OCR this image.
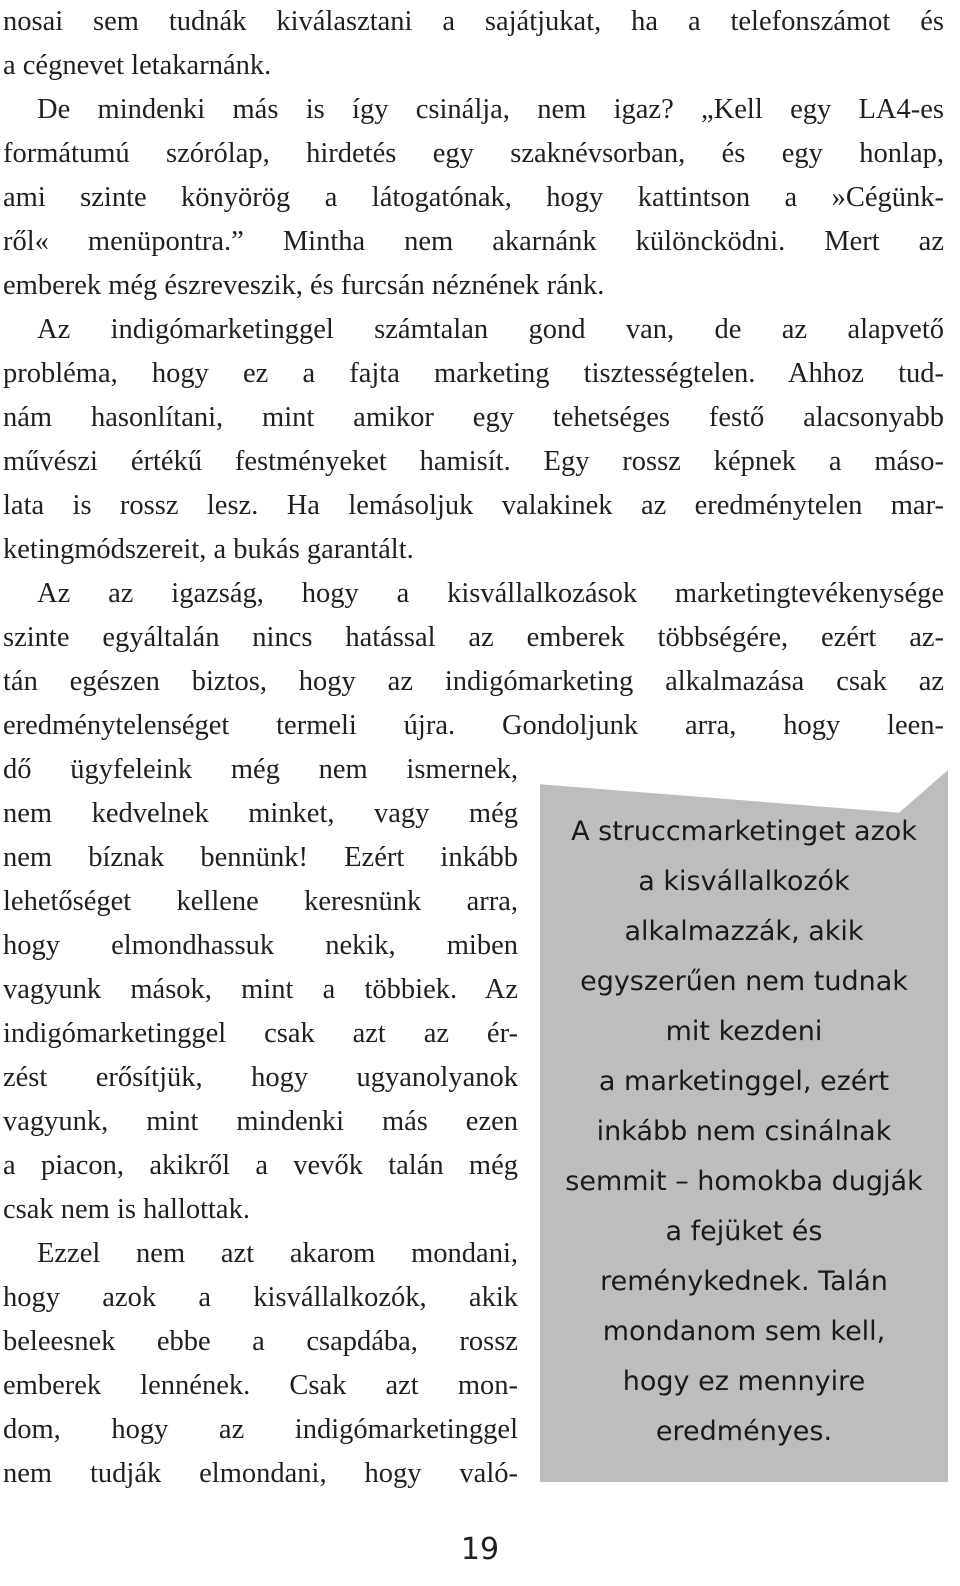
nosai sem tudnák kiválasztani a sajátjukat, ha a telefonszámot és
a cégnevet letakarnánk.
De mindenki más is így csinálja, nem igaz? „Kell egy LA4-es
formátumú szórólap, hirdetés egy szaknévsorban, és egy honlap,
ami szinte könyörög a látogatónak, hogy kattintson a »Cégünk-
ről« menüpontra.” Mintha nem akarnánk különcködni. Mert az
emberek még észreveszik, és furcsán néznének ránk.
Az indigómarketinggel számtalan gond van, de az alapvető
probléma, hogy ez a fajta marketing tisztességtelen. Ahhoz tud-
nám hasonlítani, mint amikor egy tehetséges festő alacsonyabb
művészi értékű festményeket hamisít. Egy rossz képnek a máso-
lata is rossz lesz. Ha lemásoljuk valakinek az eredménytelen mar-
ketingmódszereit, a bukás garantált.
Az az igazság, hogy a kisvállalkozások marketingtevékenysége
szinte egyáltalán nincs hatással az emberek többségére, ezért az-
tán egészen biztos, hogy az indigómarketing alkalmazása csak az
eredménytelenséget termeli újra. Gondoljunk arra, hogy leen-
dő ügyfeleink még nem ismernek,
nem kedvelnek minket, vagy még
nem bíznak bennünk! Ezért inkább
lehetőséget kellene keresnünk arra,
hogy elmondhassuk nekik, miben
vagyunk mások, mint a többiek. Az
indigómarketinggel csak azt az ér-
zést erősítjük, hogy ugyanolyanok
vagyunk, mint mindenki más ezen
a piacon, akikről a vevők talán még
csak nem is hallottak.
Ezzel nem azt akarom mondani,
hogy azok a kisvállalkozók, akik
beleesnek ebbe a csapdába, rossz
emberek lennének. Csak azt mon-
dom, hogy az indigómarketinggel
nem tudják elmondani, hogy való-
A struccmarketinget azok
a kisvállalkozók
alkalmazzák, akik
egyszerűen nem tudnak
mit kezdeni
a marketinggel, ezért
inkább nem csinálnak
semmit – homokba dugják
a fejüket és
reménykednek. Talán
mondanom sem kell,
hogy ez mennyire
eredményes.
19
